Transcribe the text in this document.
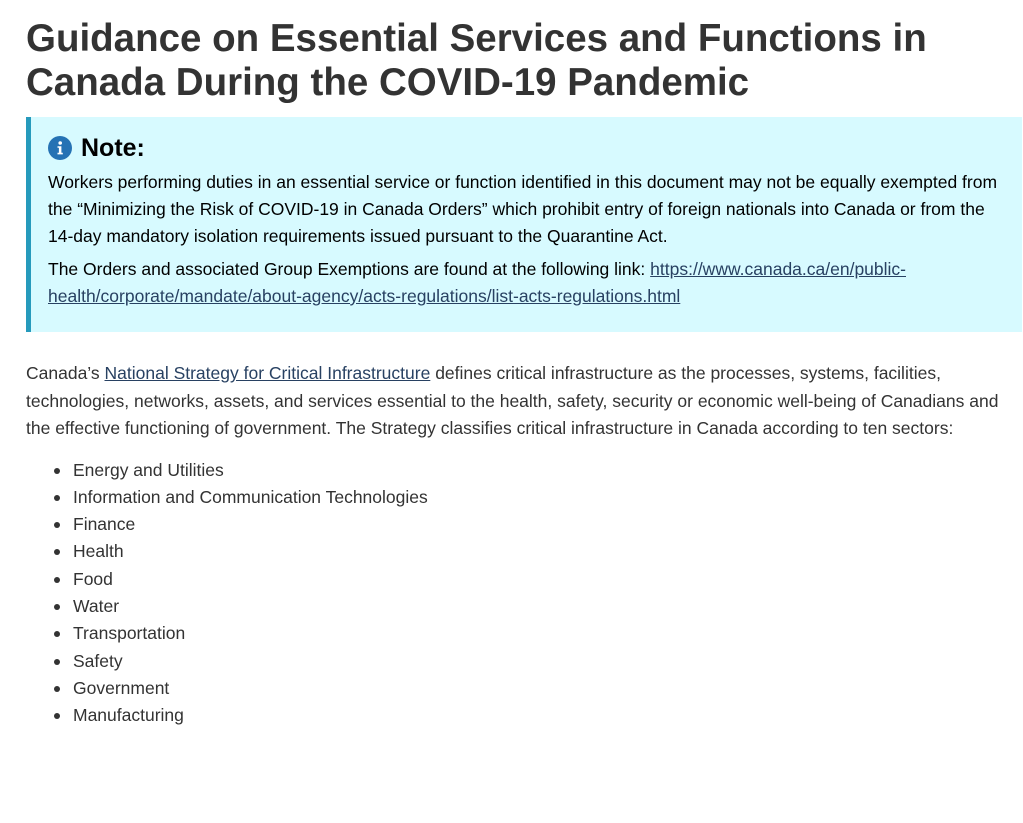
Guidance on Essential Services and Functions in Canada During the COVID-19 Pandemic
Note:

Workers performing duties in an essential service or function identified in this document may not be equally exempted from the “Minimizing the Risk of COVID-19 in Canada Orders” which prohibit entry of foreign nationals into Canada or from the 14-day mandatory isolation requirements issued pursuant to the Quarantine Act.

The Orders and associated Group Exemptions are found at the following link: https://www.canada.ca/en/public-health/corporate/mandate/about-agency/acts-regulations/list-acts-regulations.html

Canada’s National Strategy for Critical Infrastructure defines critical infrastructure as the processes, systems, facilities, technologies, networks, assets, and services essential to the health, safety, security or economic well-being of Canadians and the effective functioning of government. The Strategy classifies critical infrastructure in Canada according to ten sectors:

Energy and Utilities
Information and Communication Technologies
Finance
Health
Food
Water
Transportation
Safety
Government
Manufacturing
